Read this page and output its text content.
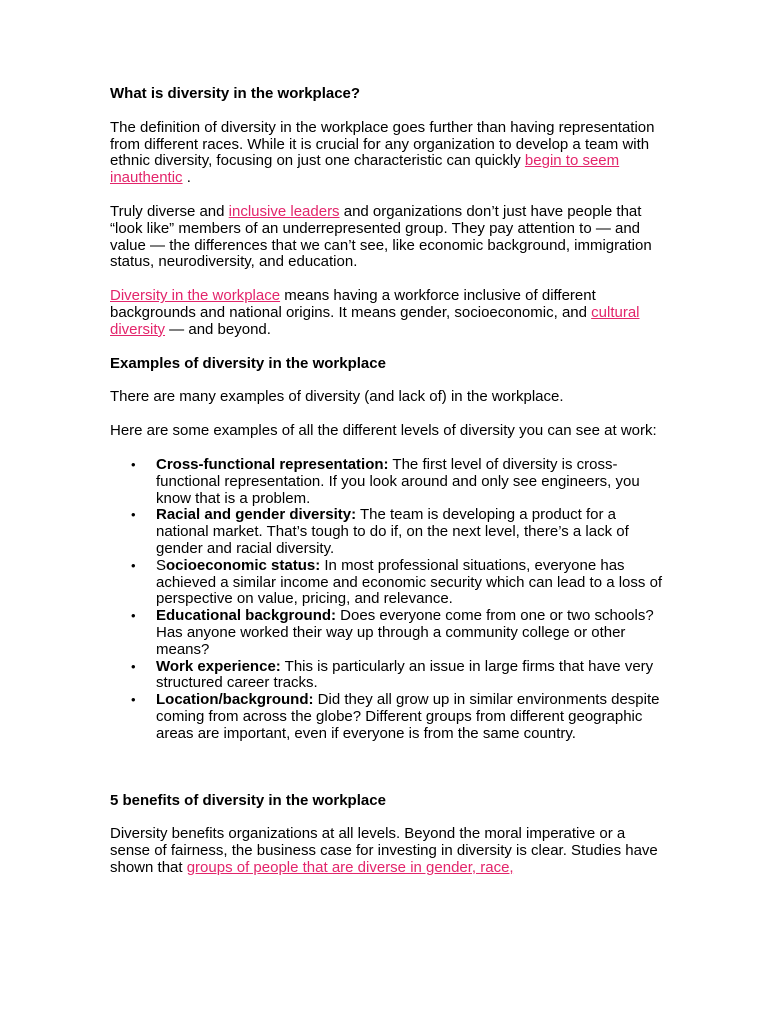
What is diversity in the workplace?

The definition of diversity in the workplace goes further than having representation from different races. While it is crucial for any organization to develop a team with ethnic diversity, focusing on just one characteristic can quickly begin to seem inauthentic .

Truly diverse and inclusive leaders and organizations don’t just have people that “look like” members of an underrepresented group. They pay attention to — and value — the differences that we can’t see, like economic background, immigration status, neurodiversity, and education.

Diversity in the workplace means having a workforce inclusive of different backgrounds and national origins. It means gender, socioeconomic, and cultural diversity — and beyond.

Examples of diversity in the workplace

There are many examples of diversity (and lack of) in the workplace.

Here are some examples of all the different levels of diversity you can see at work:

• Cross-functional representation: The first level of diversity is cross-functional representation. If you look around and only see engineers, you know that is a problem.
• Racial and gender diversity: The team is developing a product for a national market. That’s tough to do if, on the next level, there’s a lack of gender and racial diversity.
• Socioeconomic status: In most professional situations, everyone has achieved a similar income and economic security which can lead to a loss of perspective on value, pricing, and relevance.
• Educational background: Does everyone come from one or two schools? Has anyone worked their way up through a community college or other means?
• Work experience: This is particularly an issue in large firms that have very structured career tracks.
• Location/background: Did they all grow up in similar environments despite coming from across the globe? Different groups from different geographic areas are important, even if everyone is from the same country.

5 benefits of diversity in the workplace

Diversity benefits organizations at all levels. Beyond the moral imperative or a sense of fairness, the business case for investing in diversity is clear. Studies have shown that groups of people that are diverse in gender, race,
